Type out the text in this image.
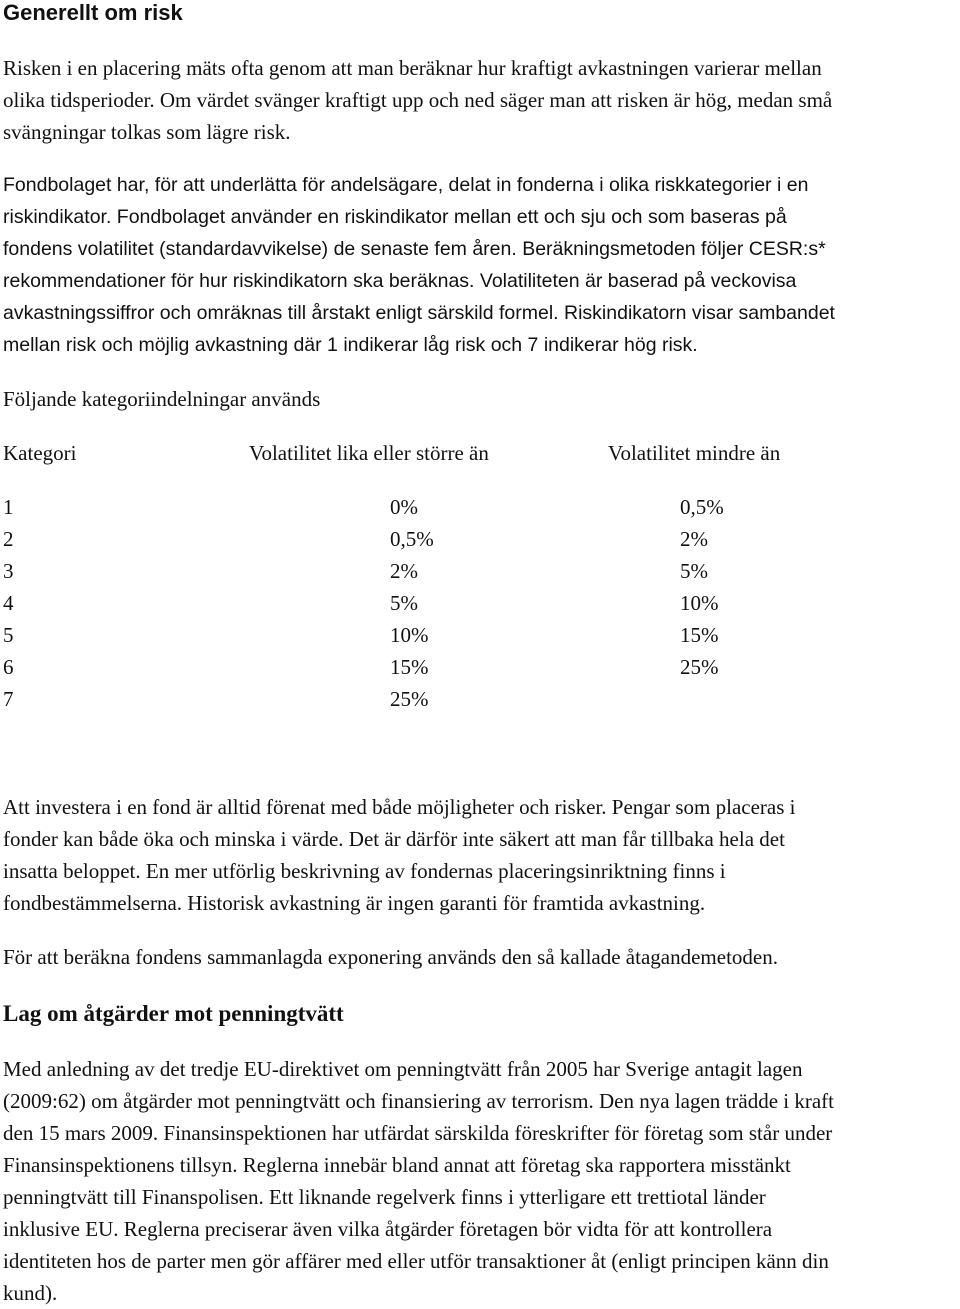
Generellt om risk
Risken i en placering mäts ofta genom att man beräknar hur kraftigt avkastningen varierar mellan
olika tidsperioder. Om värdet svänger kraftigt upp och ned säger man att risken är hög, medan små
svängningar tolkas som lägre risk.
Fondbolaget har, för att underlätta för andelsägare, delat in fonderna i olika riskkategorier i en
riskindikator. Fondbolaget använder en riskindikator mellan ett och sju och som baseras på
fondens volatilitet (standardavvikelse) de senaste fem åren. Beräkningsmetoden följer CESR:s*
rekommendationer för hur riskindikatorn ska beräknas. Volatiliteten är baserad på veckovisa
avkastningssiffror och omräknas till årstakt enligt särskild formel. Riskindikatorn visar sambandet
mellan risk och möjlig avkastning där 1 indikerar låg risk och 7 indikerar hög risk.
Följande kategoriindelningar används
Kategori	Volatilitet lika eller större än	Volatilitet mindre än
1	0%	0,5%
2	0,5%	2%
3	2%	5%
4	5%	10%
5	10%	15%
6	15%	25%
7	25%
Att investera i en fond är alltid förenat med både möjligheter och risker. Pengar som placeras i
fonder kan både öka och minska i värde. Det är därför inte säkert att man får tillbaka hela det
insatta beloppet. En mer utförlig beskrivning av fondernas placeringsinriktning finns i
fondbestämmelserna. Historisk avkastning är ingen garanti för framtida avkastning.
För att beräkna fondens sammanlagda exponering används den så kallade åtagandemetoden.
Lag om åtgärder mot penningtvätt
Med anledning av det tredje EU-direktivet om penningtvätt från 2005 har Sverige antagit lagen
(2009:62) om åtgärder mot penningtvätt och finansiering av terrorism. Den nya lagen trädde i kraft
den 15 mars 2009. Finansinspektionen har utfärdat särskilda föreskrifter för företag som står under
Finansinspektionens tillsyn. Reglerna innebär bland annat att företag ska rapportera misstänkt
penningtvätt till Finanspolisen. Ett liknande regelverk finns i ytterligare ett trettiotal länder
inklusive EU. Reglerna preciserar även vilka åtgärder företagen bör vidta för att kontrollera
identiteten hos de parter men gör affärer med eller utför transaktioner åt (enligt principen känn din
kund).
